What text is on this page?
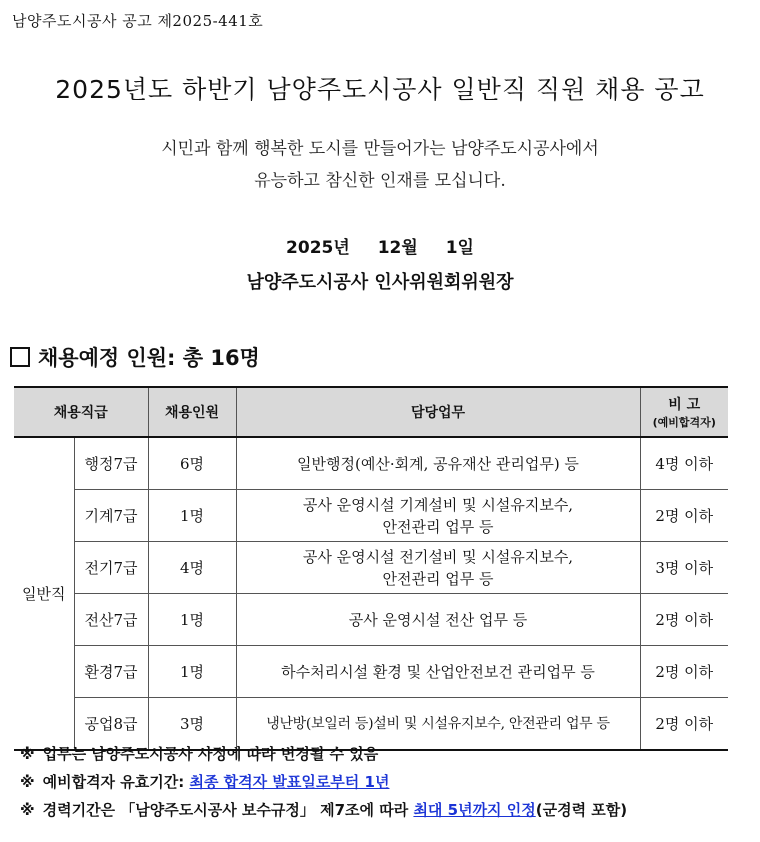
남양주도시공사 공고 제2025-441호
2025년도 하반기 남양주도시공사 일반직 직원 채용 공고
시민과 함께 행복한 도시를 만들어가는 남양주도시공사에서
유능하고 참신한 인재를 모십니다.
2025년 12월 1일
남양주도시공사 인사위원회위원장
채용예정 인원: 총 16명
채용직급		채용인원	담당업무	비 고
(예비합격자)

일반직	행정7급	6명	일반행정(예산·회계, 공유재산 관리업무) 등	4명 이하
	기계7급	1명	공사 운영시설 기계설비 및 시설유지보수,
안전관리 업무 등	2명 이하
	전기7급	4명	공사 운영시설 전기설비 및 시설유지보수,
안전관리 업무 등	3명 이하
	전산7급	1명	공사 운영시설 전산 업무 등	2명 이하
	환경7급	1명	하수처리시설 환경 및 산업안전보건 관리업무 등	2명 이하
	공업8급	3명	냉난방(보일러 등)설비 및 시설유지보수, 안전관리 업무 등	2명 이하
※ 업무는 남양주도시공사 사정에 따라 변경될 수 있음
※ 예비합격자 유효기간: 최종 합격자 발표일로부터 1년
※ 경력기간은 「남양주도시공사 보수규정」 제7조에 따라 최대 5년까지 인정(군경력 포함)
